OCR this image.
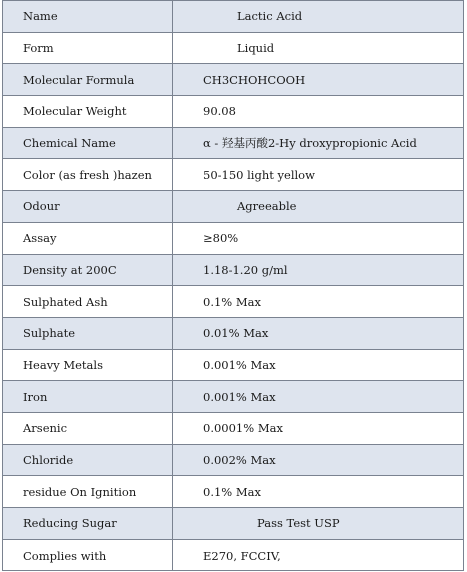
Name	Lactic Acid
Form	Liquid
Molecular Formula	CH3CHOHCOOH
Molecular Weight	90.08
Chemical Name	α - 羟基丙酸2-Hy droxypropionic Acid
Color (as fresh )hazen	50-150 light yellow
Odour	Agreeable
Assay	≥80%
Density at 200C	1.18-1.20 g/ml
Sulphated Ash	0.1% Max
Sulphate	0.01% Max
Heavy Metals	0.001% Max
Iron	0.001% Max
Arsenic	0.0001% Max
Chloride	0.002% Max
residue On Ignition	0.1% Max
Reducing Sugar	Pass Test USP
Complies with	E270, FCCIV,
